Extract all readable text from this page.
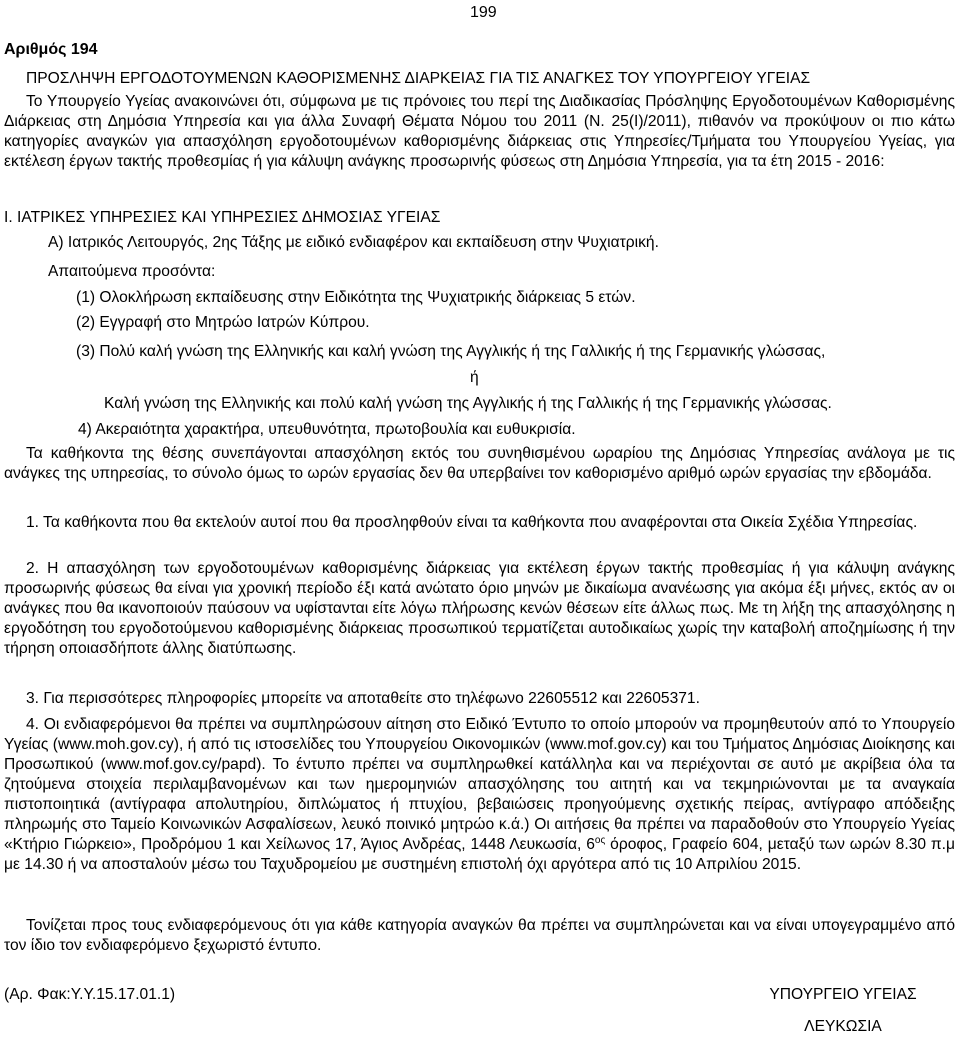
199
Αριθμός 194
ΠΡΟΣΛΗΨΗ ΕΡΓΟΔΟΤΟΥΜΕΝΩΝ ΚΑΘΟΡΙΣΜΕΝΗΣ ΔΙΑΡΚΕΙΑΣ ΓΙΑ ΤΙΣ ΑΝΑΓΚΕΣ ΤΟΥ ΥΠΟΥΡΓΕΙΟΥ ΥΓΕΙΑΣ
Το Υπουργείο Υγείας ανακοινώνει ότι, σύμφωνα με τις πρόνοιες του περί της Διαδικασίας Πρόσληψης Εργοδοτουμένων Καθορισμένης Διάρκειας στη Δημόσια Υπηρεσία και για άλλα Συναφή Θέματα Νόμου του 2011 (Ν. 25(Ι)/2011), πιθανόν να προκύψουν οι πιο κάτω κατηγορίες αναγκών για απασχόληση εργοδοτουμένων καθορισμένης διάρκειας στις Υπηρεσίες/Τμήματα του Υπουργείου Υγείας, για εκτέλεση έργων τακτής προθεσμίας ή για κάλυψη ανάγκης προσωρινής φύσεως στη Δημόσια Υπηρεσία, για τα έτη 2015 - 2016:
Ι. ΙΑΤΡΙΚΕΣ ΥΠΗΡΕΣΙΕΣ ΚΑΙ ΥΠΗΡΕΣΙΕΣ ΔΗΜΟΣΙΑΣ ΥΓΕΙΑΣ
Α) Ιατρικός Λειτουργός, 2ης Τάξης με ειδικό ενδιαφέρον και εκπαίδευση στην Ψυχιατρική.
Απαιτούμενα προσόντα:
(1) Ολοκλήρωση εκπαίδευσης στην Ειδικότητα της Ψυχιατρικής διάρκειας 5 ετών.
(2) Εγγραφή στο Μητρώο Ιατρών Κύπρου.
(3) Πολύ καλή γνώση της Ελληνικής και καλή γνώση της Αγγλικής ή της Γαλλικής ή της Γερμανικής γλώσσας,
ή
Καλή γνώση της Ελληνικής και πολύ καλή γνώση της Αγγλικής ή της Γαλλικής ή της Γερμανικής γλώσσας.
4) Ακεραιότητα χαρακτήρα, υπευθυνότητα, πρωτοβουλία και ευθυκρισία.
Τα καθήκοντα της θέσης συνεπάγονται απασχόληση εκτός του συνηθισμένου ωραρίου της Δημόσιας Υπηρεσίας ανάλογα με τις ανάγκες της υπηρεσίας, το σύνολο όμως το ωρών εργασίας δεν θα υπερβαίνει τον καθορισμένο αριθμό ωρών εργασίας την εβδομάδα.
1. Τα καθήκοντα που θα εκτελούν αυτοί που θα προσληφθούν είναι τα καθήκοντα που αναφέρονται στα Οικεία Σχέδια Υπηρεσίας.
2. Η απασχόληση των εργοδοτουμένων καθορισμένης διάρκειας για εκτέλεση έργων τακτής προθεσμίας ή για κάλυψη ανάγκης προσωρινής φύσεως θα είναι για χρονική περίοδο έξι κατά ανώτατο όριο μηνών με δικαίωμα ανανέωσης για ακόμα έξι μήνες, εκτός αν οι ανάγκες που θα ικανοποιούν παύσουν να υφίστανται είτε λόγω πλήρωσης κενών θέσεων είτε άλλως πως. Με τη λήξη της απασχόλησης η εργοδότηση του εργοδοτούμενου καθορισμένης διάρκειας προσωπικού τερματίζεται αυτοδικαίως χωρίς την καταβολή αποζημίωσης ή την τήρηση οποιασδήποτε άλλης διατύπωσης.
3. Για περισσότερες πληροφορίες μπορείτε να αποταθείτε στο τηλέφωνο 22605512 και 22605371.
4. Οι ενδιαφερόμενοι θα πρέπει να συμπληρώσουν αίτηση στο Ειδικό Έντυπο το οποίο μπορούν να προμηθευτούν από το Υπουργείο Υγείας (www.moh.gov.cy), ή από τις ιστοσελίδες του Υπουργείου Οικονομικών (www.mof.gov.cy) και του Τμήματος Δημόσιας Διοίκησης και Προσωπικού (www.mof.gov.cy/papd). Το έντυπο πρέπει να συμπληρωθκεί κατάλληλα και να περιέχονται σε αυτό με ακρίβεια όλα τα ζητούμενα στοιχεία περιλαμβανομένων και των ημερομηνιών απασχόλησης του αιτητή και να τεκμηριώνονται με τα αναγκαία πιστοποιητικά (αντίγραφα απολυτηρίου, διπλώματος ή πτυχίου, βεβαιώσεις προηγούμενης σχετικής πείρας, αντίγραφο απόδειξης πληρωμής στο Ταμείο Κοινωνικών Ασφαλίσεων, λευκό ποινικό μητρώο κ.ά.) Οι αιτήσεις θα πρέπει να παραδοθούν στο Υπουργείο Υγείας «Κτήριο Γιώρκειο», Προδρόμου 1 και Χείλωνος 17, Άγιος Ανδρέας, 1448 Λευκωσία, $6^{o\varsigma}$ όροφος, Γραφείο 604, μεταξύ των ωρών 8.30 π.μ με 14.30 ή να αποσταλούν μέσω του Ταχυδρομείου με συστημένη επιστολή όχι αργότερα από τις 10 Απριλίου 2015.
Τονίζεται προς τους ενδιαφερόμενους ότι για κάθε κατηγορία αναγκών θα πρέπει να συμπληρώνεται και να είναι υπογεγραμμένο από τον ίδιο τον ενδιαφερόμενο ξεχωριστό έντυπο.
(Αρ. Φακ:Υ.Υ.15.17.01.1)	ΥΠΟΥΡΓΕΙΟ ΥΓΕΙΑΣ
ΛΕΥΚΩΣΙΑ
